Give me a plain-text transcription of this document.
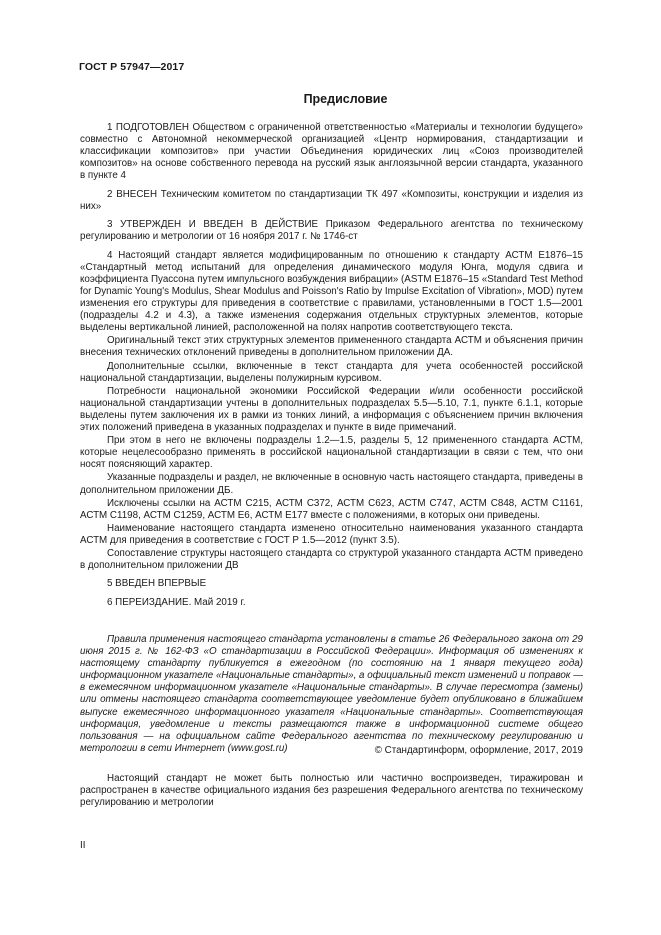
ГОСТ Р 57947—2017
Предисловие

1 ПОДГОТОВЛЕН Обществом с ограниченной ответственностью «Материалы и технологии будущего» совместно с Автономной некоммерческой организацией «Центр нормирования, стандартизации и классификации композитов» при участии Объединения юридических лиц «Союз производителей композитов» на основе собственного перевода на русский язык англоязычной версии стандарта, указанного в пункте 4

2 ВНЕСЕН Техническим комитетом по стандартизации ТК 497 «Композиты, конструкции и изделия из них»

3 УТВЕРЖДЕН И ВВЕДЕН В ДЕЙСТВИЕ Приказом Федерального агентства по техническому регулированию и метрологии от 16 ноября 2017 г. № 1746-ст

4 Настоящий стандарт является модифицированным по отношению к стандарту АСТМ Е1876–15 «Стандартный метод испытаний для определения динамического модуля Юнга, модуля сдвига и коэффициента Пуассона путем импульсного возбуждения вибрации» (ASTM E1876–15 «Standard Test Method for Dynamic Young's Modulus, Shear Modulus and Poisson's Ratio by Impulse Excitation of Vibration», MOD) путем изменения его структуры для приведения в соответствие с правилами, установленными в ГОСТ 1.5—2001 (подразделы 4.2 и 4.3), а также изменения содержания отдельных структурных элементов, которые выделены вертикальной линией, расположенной на полях напротив соответствующего текста.

Оригинальный текст этих структурных элементов примененного стандарта АСТМ и объяснения причин внесения технических отклонений приведены в дополнительном приложении ДА.

Дополнительные ссылки, включенные в текст стандарта для учета особенностей российской национальной стандартизации, выделены полужирным курсивом.

Потребности национальной экономики Российской Федерации и/или особенности российской национальной стандартизации учтены в дополнительных подразделах 5.5—5.10, 7.1, пункте 6.1.1, которые выделены путем заключения их в рамки из тонких линий, а информация с объяснением причин включения этих положений приведена в указанных подразделах и пункте в виде примечаний.

При этом в него не включены подразделы 1.2—1.5, разделы 5, 12 примененного стандарта АСТМ, которые нецелесообразно применять в российской национальной стандартизации в связи с тем, что они носят поясняющий характер.

Указанные подразделы и раздел, не включенные в основную часть настоящего стандарта, приведены в дополнительном приложении ДБ.

Исключены ссылки на АСТМ С215, АСТМ С372, АСТМ С623, АСТМ С747, АСТМ С848, АСТМ С1161, АСТМ С1198, АСТМ С1259, АСТМ Е6, АСТМ Е177 вместе с положениями, в которых они приведены.

Наименование настоящего стандарта изменено относительно наименования указанного стандарта АСТМ для приведения в соответствие с ГОСТ Р 1.5—2012 (пункт 3.5).

Сопоставление структуры настоящего стандарта со структурой указанного стандарта АСТМ приведено в дополнительном приложении ДВ

5 ВВЕДЕН ВПЕРВЫЕ

6 ПЕРЕИЗДАНИЕ. Май 2019 г.

Правила применения настоящего стандарта установлены в статье 26 Федерального закона от 29 июня 2015 г. № 162-ФЗ «О стандартизации в Российской Федерации». Информация об изменениях к настоящему стандарту публикуется в ежегодном (по состоянию на 1 января текущего года) информационном указателе «Национальные стандарты», а официальный текст изменений и поправок — в ежемесячном информационном указателе «Национальные стандарты». В случае пересмотра (замены) или отмены настоящего стандарта соответствующее уведомление будет опубликовано в ближайшем выпуске ежемесячного информационного указателя «Национальные стандарты». Соответствующая информация, уведомление и тексты размещаются также в информационной системе общего пользования — на официальном сайте Федерального агентства по техническому регулированию и метрологии в сети Интернет (www.gost.ru)	© Стандартинформ, оформление, 2017, 2019

Настоящий стандарт не может быть полностью или частично воспроизведен, тиражирован и распространен в качестве официального издания без разрешения Федерального агентства по техническому регулированию и метрологии

II
